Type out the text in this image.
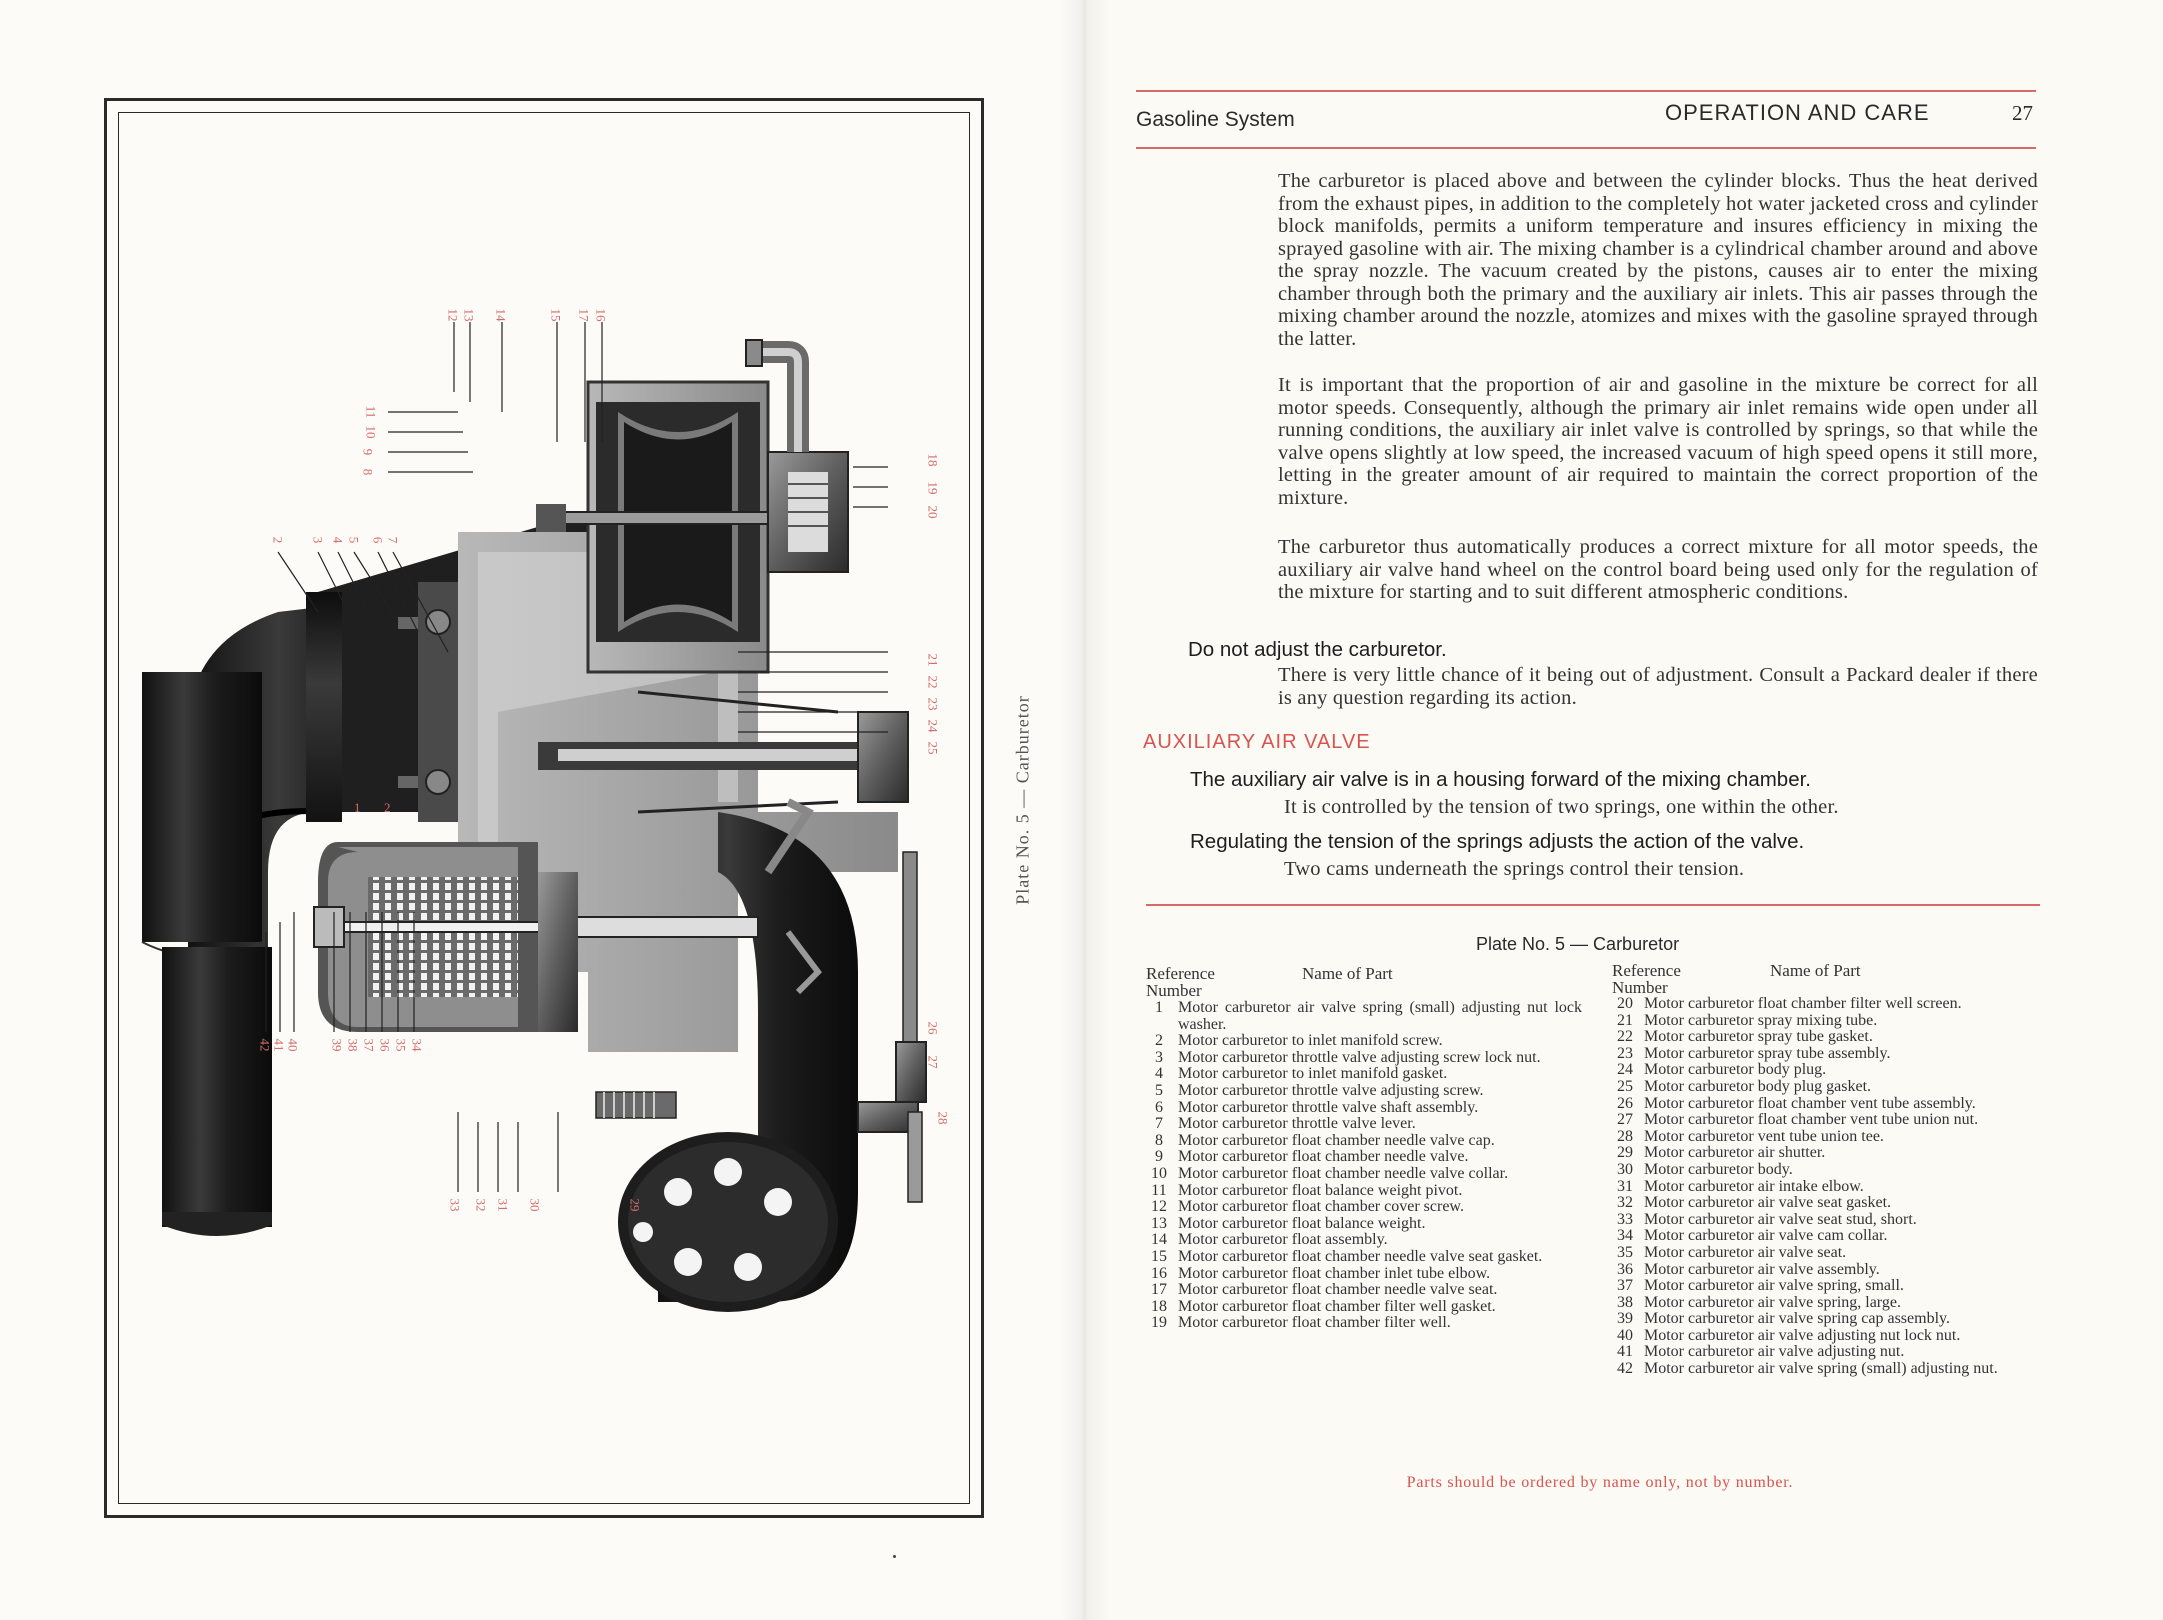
12 13 14	15 17 16
11
10
9
8
2 3 4 5 6 7
18
19
20
21
22
23
24
25
26
27
28
1 2
42 41 40 39 38 37 36 35 34
33 32 31 30	29
Plate No. 5 — Carburetor
Gasoline System	OPERATION AND CARE	27
The carburetor is placed above and between the cylinder blocks. Thus the heat derived from the exhaust pipes, in addition to the completely hot water jacketed cross and cylinder block manifolds, permits a uniform temperature and insures efficiency in mixing the sprayed gasoline with air. The mixing chamber is a cylindrical chamber around and above the spray nozzle. The vacuum created by the pistons, causes air to enter the mixing chamber through both the primary and the auxiliary air inlets. This air passes through the mixing chamber around the nozzle, atomizes and mixes with the gasoline sprayed through the latter.
It is important that the proportion of air and gasoline in the mixture be correct for all motor speeds. Consequently, although the primary air inlet remains wide open under all running conditions, the auxiliary air inlet valve is controlled by springs, so that while the valve opens slightly at low speed, the increased vacuum of high speed opens it still more, letting in the greater amount of air required to maintain the correct proportion of the mixture.
The carburetor thus automatically produces a correct mixture for all motor speeds, the auxiliary air valve hand wheel on the control board being used only for the regulation of the mixture for starting and to suit different atmospheric conditions.
Do not adjust the carburetor.
There is very little chance of it being out of adjustment. Consult a Packard dealer if there is any question regarding its action.
AUXILIARY AIR VALVE
The auxiliary air valve is in a housing forward of the mixing chamber.
It is controlled by the tension of two springs, one within the other.
Regulating the tension of the springs adjusts the action of the valve.
Two cams underneath the springs control their tension.
Plate No. 5 — Carburetor
Reference	Name of Part

Number
Reference	Name of Part

Number
1 Motor carburetor air valve spring (small) adjusting nut lock washer.
2 Motor carburetor to inlet manifold screw.
3 Motor carburetor throttle valve adjusting screw lock nut.
4 Motor carburetor to inlet manifold gasket.
5 Motor carburetor throttle valve adjusting screw.
6 Motor carburetor throttle valve shaft assembly.
7 Motor carburetor throttle valve lever.
8 Motor carburetor float chamber needle valve cap.
9 Motor carburetor float chamber needle valve.
10 Motor carburetor float chamber needle valve collar.
11 Motor carburetor float balance weight pivot.
12 Motor carburetor float chamber cover screw.
13 Motor carburetor float balance weight.
14 Motor carburetor float assembly.
15 Motor carburetor float chamber needle valve seat gasket.
16 Motor carburetor float chamber inlet tube elbow.
17 Motor carburetor float chamber needle valve seat.
18 Motor carburetor float chamber filter well gasket.
19 Motor carburetor float chamber filter well.
20 Motor carburetor float chamber filter well screen.
21 Motor carburetor spray mixing tube.
22 Motor carburetor spray tube gasket.
23 Motor carburetor spray tube assembly.
24 Motor carburetor body plug.
25 Motor carburetor body plug gasket.
26 Motor carburetor float chamber vent tube assembly.
27 Motor carburetor float chamber vent tube union nut.
28 Motor carburetor vent tube union tee.
29 Motor carburetor air shutter.
30 Motor carburetor body.
31 Motor carburetor air intake elbow.
32 Motor carburetor air valve seat gasket.
33 Motor carburetor air valve seat stud, short.
34 Motor carburetor air valve cam collar.
35 Motor carburetor air valve seat.
36 Motor carburetor air valve assembly.
37 Motor carburetor air valve spring, small.
38 Motor carburetor air valve spring, large.
39 Motor carburetor air valve spring cap assembly.
40 Motor carburetor air valve adjusting nut lock nut.
41 Motor carburetor air valve adjusting nut.
42 Motor carburetor air valve spring (small) adjusting nut.
Parts should be ordered by name only, not by number.
